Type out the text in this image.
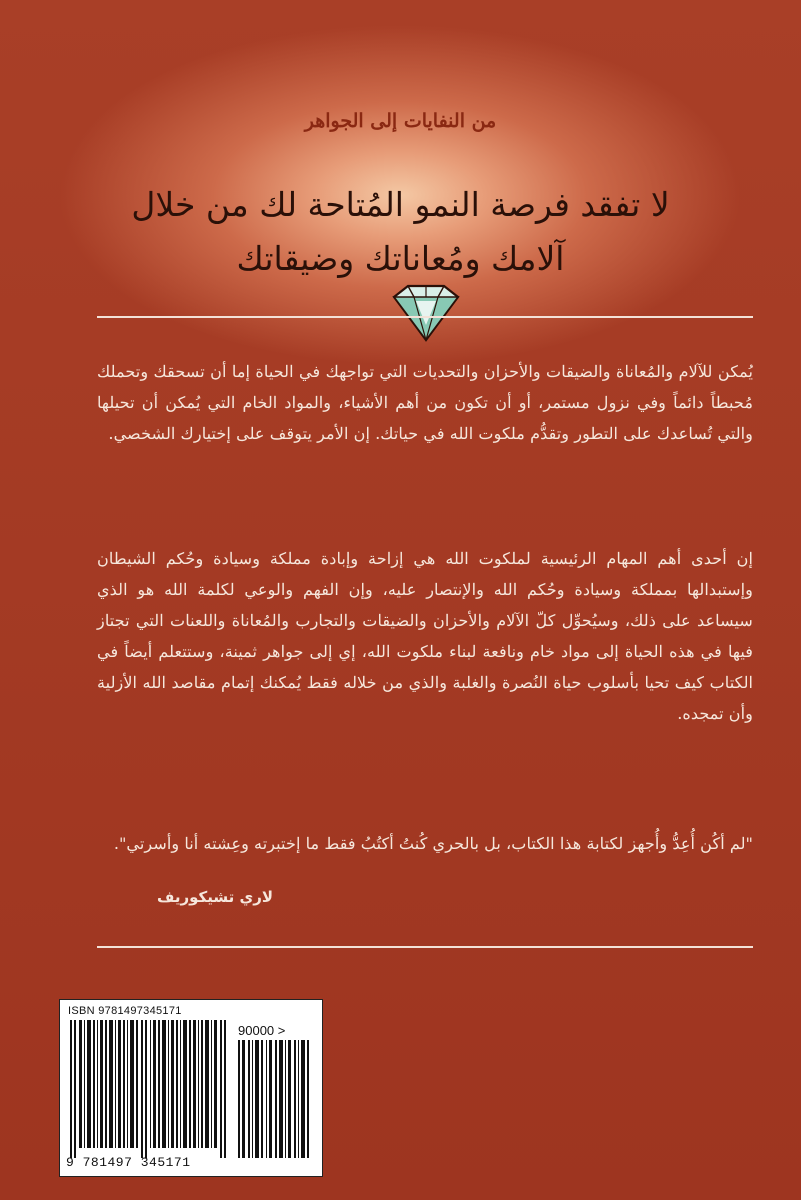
من النفايات إلى الجواهر
لا تفقد فرصة النمو المُتاحة لك من خلال
آلامك ومُعاناتك وضيقاتك

يُمكن للآلام والمُعاناة والضيقات والأحزان والتحديات التي تواجهك في الحياة إما أن تسحقك وتحملك مُحبطاً دائماً وفي نزول مستمر، أو أن تكون من أهم الأشياء، والمواد الخام التي يُمكن أن تحيلها والتي تُساعدك على التطور وتقدُّم ملكوت الله في حياتك. إن الأمر يتوقف على إختيارك الشخصي.

إن أحدى أهم المهام الرئيسية لملكوت الله هي إزاحة وإبادة مملكة وسيادة وحُكم الشيطان وإستبدالها بمملكة وسيادة وحُكم الله والإنتصار عليه، وإن الفهم والوعي لكلمة الله هو الذي سيساعد على ذلك، وسيُحوِّل كلّ الآلام والأحزان والضيقات والتجارب والمُعاناة واللعنات التي تجتاز فيها في هذه الحياة إلى مواد خام ونافعة لبناء ملكوت الله، إي إلى جواهر ثمينة، وستتعلم أيضاً في الكتاب كيف تحيا بأسلوب حياة النُصرة والغلبة والذي من خلاله فقط يُمكنك إتمام مقاصد الله الأزلية وأن تمجده.

"لم أكُن أُعِدُّ وأُجهز لكتابة هذا الكتاب، بل بالحري كُنتُ أكتُبُ فقط ما إختبرته وعِشته أنا وأسرتي".

لاري تشيكوريف
ISBN 9781497345171
90000 >
9 781497 345171
